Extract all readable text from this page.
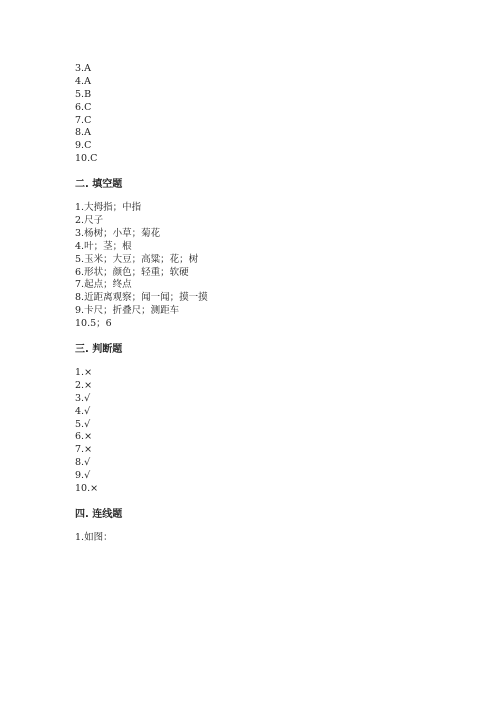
3.A
4.A
5.B
6.C
7.C
8.A
9.C
10.C
二. 填空题
1.大拇指；中指
2.尺子
3.杨树；小草；菊花
4.叶；茎；根
5.玉米；大豆；高粱；花；树
6.形状；颜色；轻重；软硬
7.起点；终点
8.近距离观察；闻一闻；摸一摸
9.卡尺；折叠尺；测距车
10.5；6
三. 判断题
1.×
2.×
3.√
4.√
5.√
6.×
7.×
8.√
9.√
10.×
四. 连线题
1.如图：
